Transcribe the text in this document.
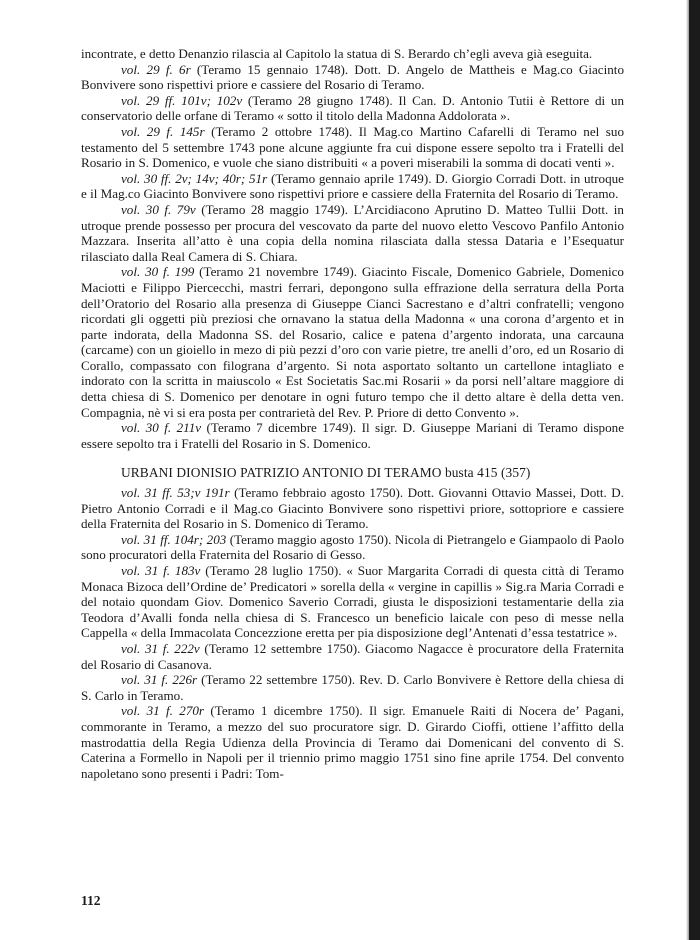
incontrate, e detto Denanzio rilascia al Capitolo la statua di S. Berardo ch’egli aveva già eseguita.

vol. 29 f. 6r (Teramo 15 gennaio 1748). Dott. D. Angelo de Mattheis e Mag.co Giacinto Bonvivere sono rispettivi priore e cassiere del Rosario di Teramo.

vol. 29 ff. 101v; 102v (Teramo 28 giugno 1748). Il Can. D. Antonio Tutii è Rettore di un conservatorio delle orfane di Teramo « sotto il titolo della Madonna Addolorata ».

vol. 29 f. 145r (Teramo 2 ottobre 1748). Il Mag.co Martino Cafarelli di Teramo nel suo testamento del 5 settembre 1743 pone alcune aggiunte fra cui dispone essere sepolto tra i Fratelli del Rosario in S. Domenico, e vuole che siano distribuiti « a poveri miserabili la somma di docati venti ».

vol. 30 ff. 2v; 14v; 40r; 51r (Teramo gennaio aprile 1749). D. Giorgio Corradi Dott. in utroque e il Mag.co Giacinto Bonvivere sono rispettivi priore e cassiere della Fraternita del Rosario di Teramo.

vol. 30 f. 79v (Teramo 28 maggio 1749). L’Arcidiacono Aprutino D. Matteo Tullii Dott. in utroque prende possesso per procura del vescovato da parte del nuovo eletto Vescovo Panfilo Antonio Mazzara. Inserita all’atto è una copia della nomina rilasciata dalla stessa Dataria e l’Esequatur rilasciato dalla Real Camera di S. Chiara.

vol. 30 f. 199 (Teramo 21 novembre 1749). Giacinto Fiscale, Domenico Gabriele, Domenico Maciotti e Filippo Piercecchi, mastri ferrari, depongono sulla effrazione della serratura della Porta dell’Oratorio del Rosario alla presenza di Giuseppe Cianci Sacrestano e d’altri confratelli; vengono ricordati gli oggetti più preziosi che ornavano la statua della Madonna « una corona d’argento et in parte indorata, della Madonna SS. del Rosario, calice e patena d’argento indorata, una carcauna (carcame) con un gioiello in mezo di più pezzi d’oro con varie pietre, tre anelli d’oro, ed un Rosario di Corallo, compassato con filograna d’argento. Si nota asportato soltanto un cartellone intagliato e indorato con la scritta in maiuscolo « Est Societatis Sac.mi Rosarii » da porsi nell’altare maggiore di detta chiesa di S. Domenico per denotare in ogni futuro tempo che il detto altare è della detta ven. Compagnia, nè vi si era posta per contrarietà del Rev. P. Priore di detto Convento ».

vol. 30 f. 211v (Teramo 7 dicembre 1749). Il sigr. D. Giuseppe Mariani di Teramo dispone essere sepolto tra i Fratelli del Rosario in S. Domenico.

URBANI DIONISIO PATRIZIO ANTONIO DI TERAMO busta 415 (357)

vol. 31 ff. 53;v 191r (Teramo febbraio agosto 1750). Dott. Giovanni Ottavio Massei, Dott. D. Pietro Antonio Corradi e il Mag.co Giacinto Bonvivere sono rispettivi priore, sottopriore e cassiere della Fraternita del Rosario in S. Domenico di Teramo.

vol. 31 ff. 104r; 203 (Teramo maggio agosto 1750). Nicola di Pietrangelo e Giampaolo di Paolo sono procuratori della Fraternita del Rosario di Gesso.

vol. 31 f. 183v (Teramo 28 luglio 1750). « Suor Margarita Corradi di questa città di Teramo Monaca Bizoca dell’Ordine de’ Predicatori » sorella della « vergine in capillis » Sig.ra Maria Corradi e del notaio quondam Giov. Domenico Saverio Corradi, giusta le disposizioni testamentarie della zia Teodora d’Avalli fonda nella chiesa di S. Francesco un beneficio laicale con peso di messe nella Cappella « della Immacolata Concezzione eretta per pia disposizione degl’Antenati d’essa testatrice ».

vol. 31 f. 222v (Teramo 12 settembre 1750). Giacomo Nagacce è procuratore della Fraternita del Rosario di Casanova.

vol. 31 f. 226r (Teramo 22 settembre 1750). Rev. D. Carlo Bonvivere è Rettore della chiesa di S. Carlo in Teramo.

vol. 31 f. 270r (Teramo 1 dicembre 1750). Il sigr. Emanuele Raiti di Nocera de’ Pagani, commorante in Teramo, a mezzo del suo procuratore sigr. D. Girardo Cioffi, ottiene l’affitto della mastrodattia della Regia Udienza della Provincia di Teramo dai Domenicani del convento di S. Caterina a Formello in Napoli per il triennio primo maggio 1751 sino fine aprile 1754. Del convento napoletano sono presenti i Padri: Tom-

112
